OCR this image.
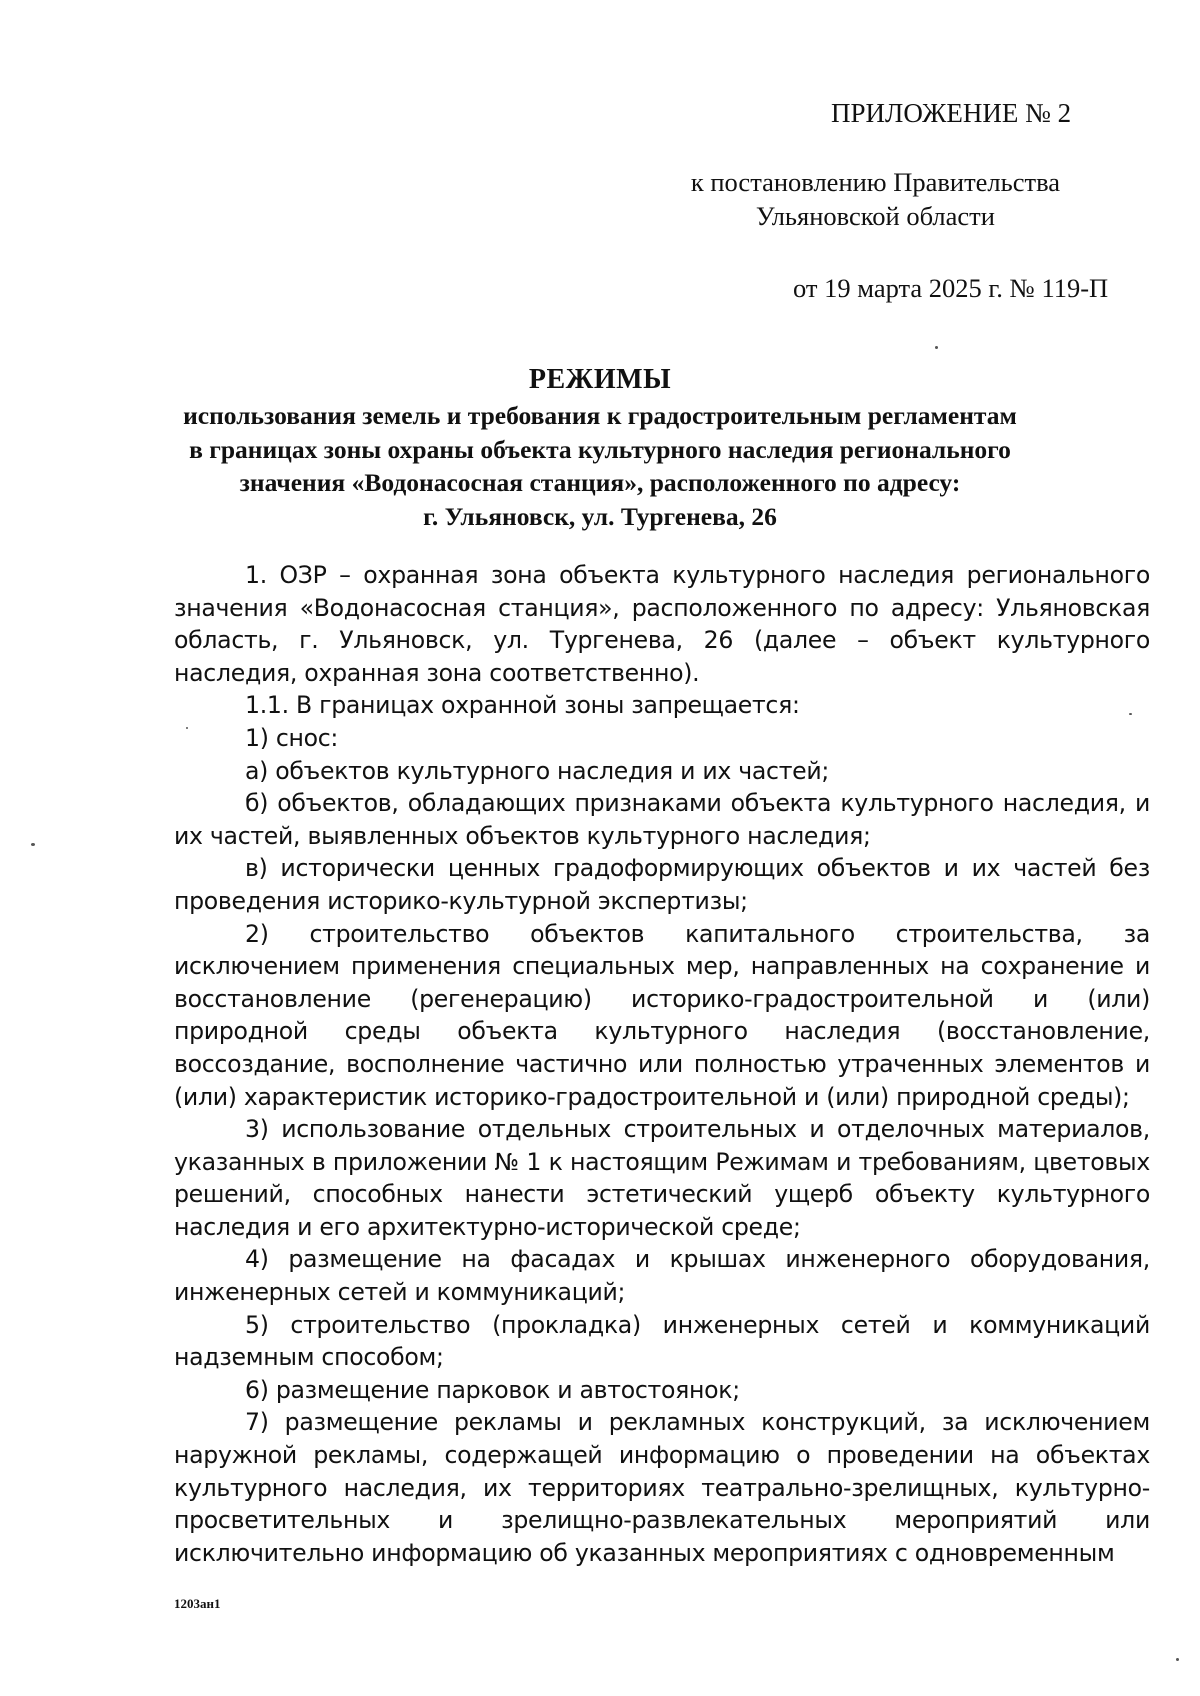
ПРИЛОЖЕНИЕ № 2
к постановлению Правительства
Ульяновской области
от 19 марта 2025 г. № 119-П
РЕЖИМЫ
использования земель и требования к градостроительным регламентам
в границах зоны охраны объекта культурного наследия регионального
значения «Водонасосная станция», расположенного по адресу:
г. Ульяновск, ул. Тургенева, 26

1. ОЗР – охранная зона объекта культурного наследия регионального значения «Водонасосная станция», расположенного по адресу: Ульяновская область, г. Ульяновск, ул. Тургенева, 26 (далее – объект культурного наследия, охранная зона соответственно).

1.1. В границах охранной зоны запрещается:

1) снос:

а) объектов культурного наследия и их частей;

б) объектов, обладающих признаками объекта культурного наследия, и их частей, выявленных объектов культурного наследия;

в) исторически ценных градоформирующих объектов и их частей без проведения историко-культурной экспертизы;

2) строительство объектов капитального строительства, за исключением применения специальных мер, направленных на сохранение и восстановление (регенерацию) историко-градостроительной и (или) природной среды объекта культурного наследия (восстановление, воссоздание, восполнение частично или полностью утраченных элементов и (или) характеристик историко-градостроительной и (или) природной среды);

3) использование отдельных строительных и отделочных материалов, указанных в приложении № 1 к настоящим Режимам и требованиям, цветовых решений, способных нанести эстетический ущерб объекту культурного наследия и его архитектурно-исторической среде;

4) размещение на фасадах и крышах инженерного оборудования, инженерных сетей и коммуникаций;

5) строительство (прокладка) инженерных сетей и коммуникаций надземным способом;

6) размещение парковок и автостоянок;

7) размещение рекламы и рекламных конструкций, за исключением наружной рекламы, содержащей информацию о проведении на объектах культурного наследия, их территориях театрально-зрелищных, культурно-просветительных и зрелищно-развлекательных мероприятий или исключительно информацию об указанных мероприятиях с одновременным

1203ан1
